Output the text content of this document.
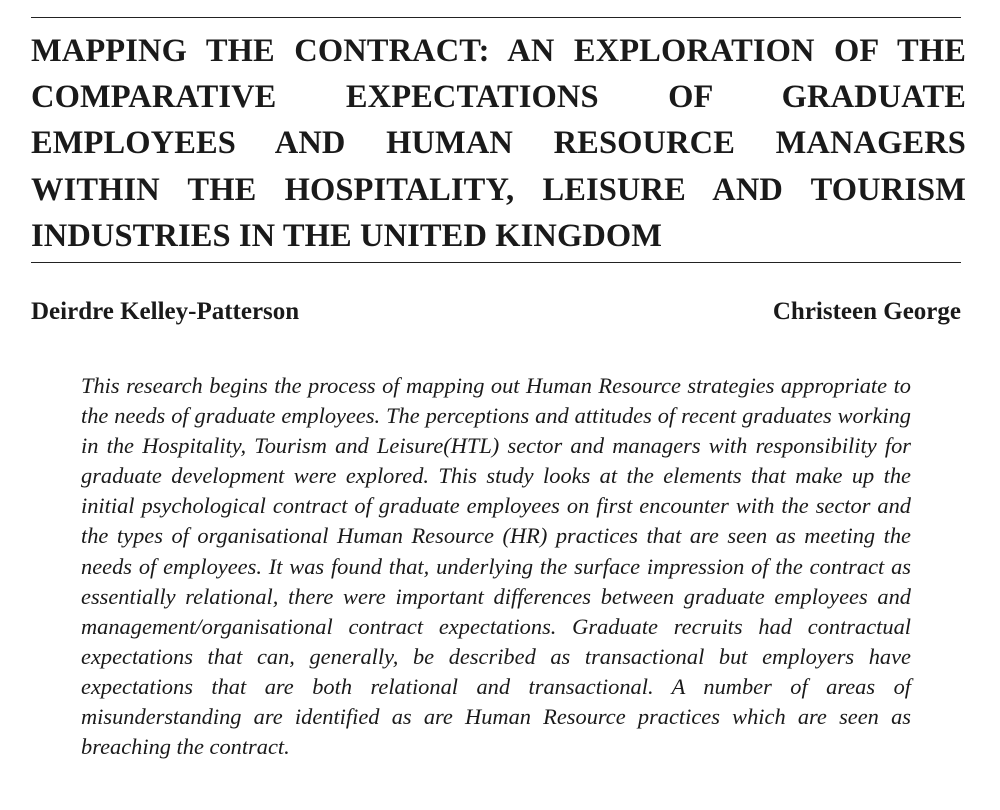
MAPPING THE CONTRACT: AN EXPLORATION OF THE COMPARATIVE EXPECTATIONS OF GRADUATE EMPLOYEES AND HUMAN RESOURCE MANAGERS WITHIN THE HOSPITALITY, LEISURE AND TOURISM INDUSTRIES IN THE UNITED KINGDOM

Deirdre Kelley-Patterson	Christeen George

This research begins the process of mapping out Human Resource strategies appropriate to the needs of graduate employees. The perceptions and attitudes of recent graduates working in the Hospitality, Tourism and Leisure(HTL) sector and managers with responsibility for graduate development were explored. This study looks at the elements that make up the initial psychological contract of graduate employees on first encounter with the sector and the types of organisational Human Resource (HR) practices that are seen as meeting the needs of employees. It was found that, underlying the surface impression of the contract as essentially relational, there were important differences between graduate employees and management/organisational contract expectations. Graduate recruits had contractual expectations that can, generally, be described as transactional but employers have expectations that are both relational and transactional. A number of areas of misunderstanding are identified as are Human Resource practices which are seen as breaching the contract.
